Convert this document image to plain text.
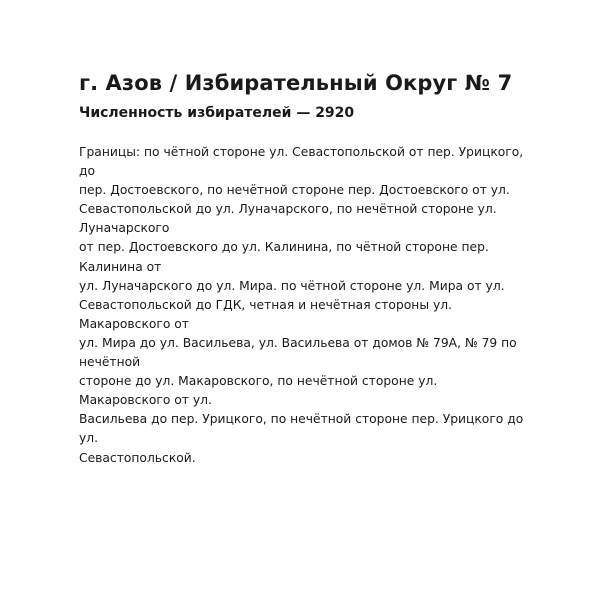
г. Азов / Избирательный Округ № 7
Численность избирателей — 2920
Границы: по чётной стороне ул. Севастопольской от пер. Урицкого,
до
пер. Достоевского, по нечётной стороне пер. Достоевского от ул.
Севастопольской до ул. Луначарского, по нечётной стороне ул.
Луначарского
от пер. Достоевского до ул. Калинина, по чётной стороне пер.
Калинина от
ул. Луначарского до ул. Мира. по чётной стороне ул. Мира от ул.
Севастопольской до ГДК, четная и нечётная стороны ул.
Макаровского от
ул. Мира до ул. Васильева, ул. Васильева от домов № 79А, № 79 по
нечётной
стороне до ул. Макаровского, по нечётной стороне ул.
Макаровского от ул.
Васильева до пер. Урицкого, по нечётной стороне пер. Урицкого до
ул.
Севастопольской.
